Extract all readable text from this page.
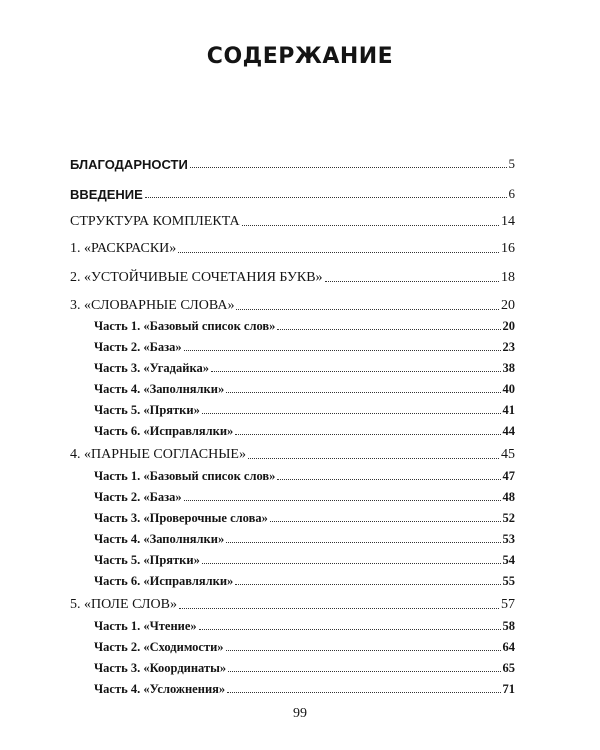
СОДЕРЖАНИЕ
БЛАГОДАРНОСТИ	5
ВВЕДЕНИЕ	6
СТРУКТУРА КОМПЛЕКТА	14
1. «РАСКРАСКИ»	16
2. «УСТОЙЧИВЫЕ СОЧЕТАНИЯ БУКВ»	18
3. «СЛОВАРНЫЕ СЛОВА»	20
Часть 1. «Базовый список слов»	20
Часть 2. «База»	23
Часть 3. «Угадайка»	38
Часть 4. «Заполнялки»	40
Часть 5. «Прятки»	41
Часть 6. «Исправлялки»	44
4. «ПАРНЫЕ СОГЛАСНЫЕ»	45
Часть 1. «Базовый список слов»	47
Часть 2. «База»	48
Часть 3. «Проверочные слова»	52
Часть 4. «Заполнялки»	53
Часть 5. «Прятки»	54
Часть 6. «Исправлялки»	55
5. «ПОЛЕ СЛОВ»	57
Часть 1. «Чтение»	58
Часть 2. «Сходимости»	64
Часть 3. «Координаты»	65
Часть 4. «Усложнения»	71
99
